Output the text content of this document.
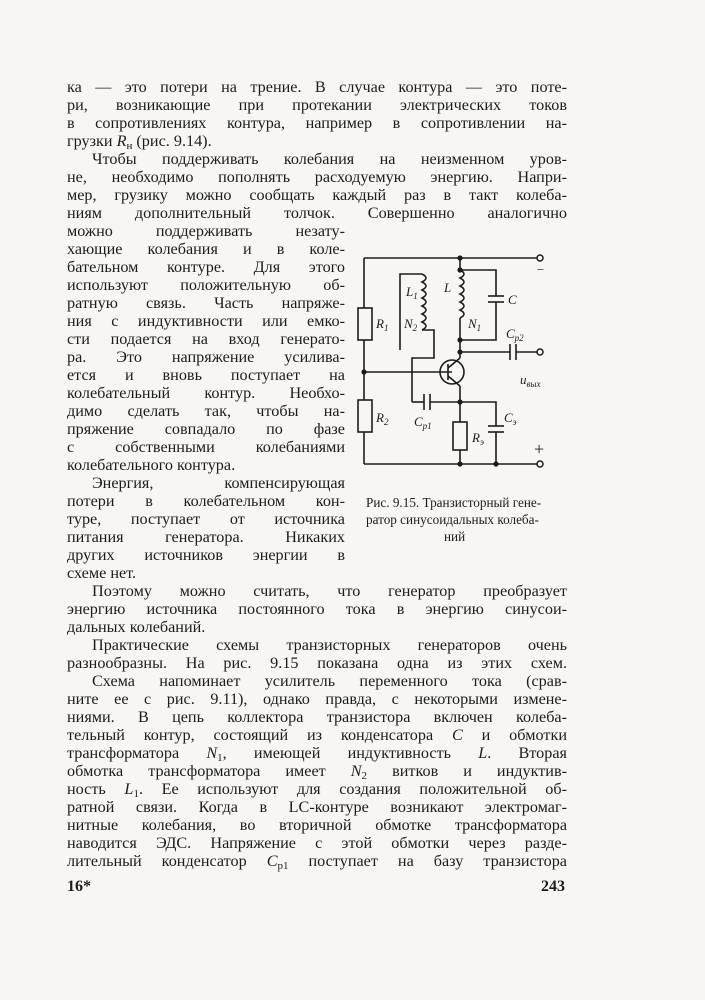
ка — это потери на трение. В случае контура — это поте-
ри, возникающие при протекании электрических токов
в сопротивлениях контура, например в сопротивлении на-
грузки $R_н$ (рис. 9.14).
Чтобы поддерживать колебания на неизменном уров-
не, необходимо пополнять расходуемую энергию. Напри-
мер, грузику можно сообщать каждый раз в такт колеба-
ниям дополнительный толчок. Совершенно аналогично
можно поддерживать незату-
хающие колебания и в коле-
бательном контуре. Для этого
используют положительную об-
ратную связь. Часть напряже-
ния с индуктивности или емко-
сти подается на вход генерато-
ра. Это напряжение усилива-
ется и вновь поступает на
колебательный контур. Необхо-
димо сделать так, чтобы на-
пряжение совпадало по фазе
с собственными колебаниями
колебательного контура.
Энергия, компенсирующая
потери в колебательном кон-
туре, поступает от источника
питания генератора. Никаких
других источников энергии в
схеме нет.
Поэтому можно считать, что генератор преобразует
энергию источника постоянного тока в энергию синусои-
дальных колебаний.
Практические схемы транзисторных генераторов очень
разнообразны. На рис. 9.15 показана одна из этих схем.
Схема напоминает усилитель переменного тока (срав-
ните ее с рис. 9.11), однако правда, с некоторыми измене-
ниями. В цепь коллектора транзистора включен колеба-
−
+
$R_1$
$R_2$
$L_1$
L
$N_2$	$N_1$
C
$C_{р2}$
$u_{вых}$
$C_{р1}$
$R_э$
$C_э$
Рис. 9.15. Транзисторный гене-
ратор синусоидальных колеба-
ний
тельный контур, состоящий из конденсатора C и обмотки
трансформатора $N_1$, имеющей индуктивность L. Вторая
обмотка трансформатора имеет $N_2$ витков и индуктив-
ность $L_1$. Ее используют для создания положительной об-
ратной связи. Когда в LC-контуре возникают электромаг-
нитные колебания, во вторичной обмотке трансформатора
наводится ЭДС. Напряжение с этой обмотки через разде-
лительный конденсатор $C_{р1}$ поступает на базу транзистора
16*	243
